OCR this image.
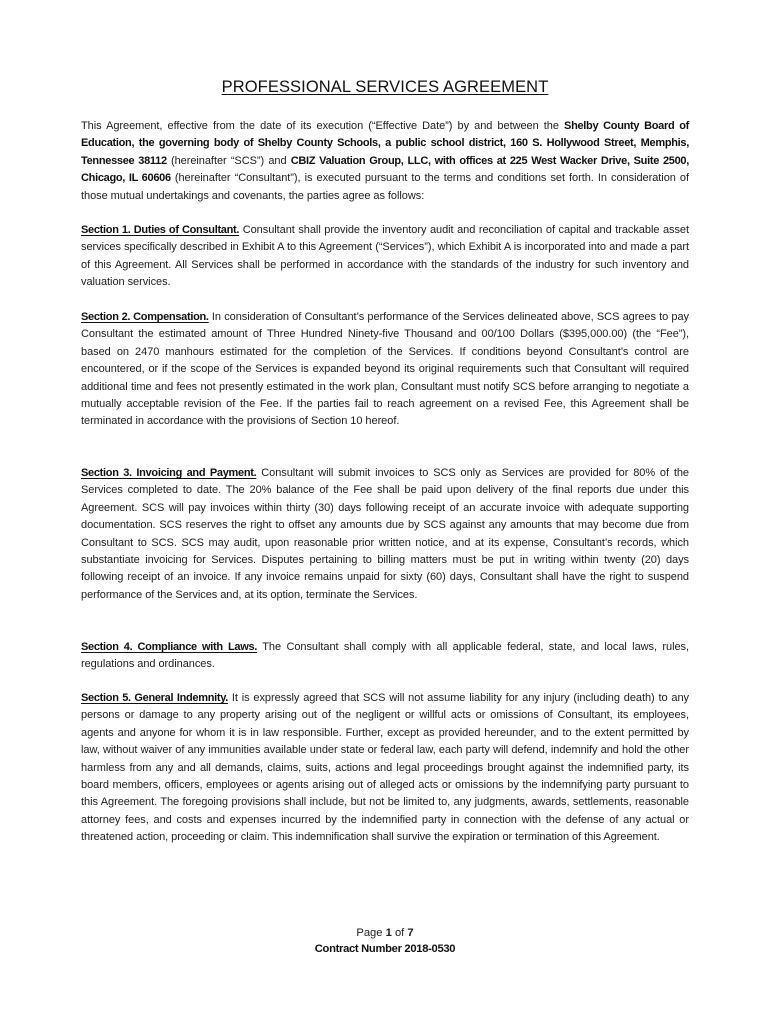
PROFESSIONAL SERVICES AGREEMENT
This Agreement, effective from the date of its execution (“Effective Date”) by and between the Shelby County Board of Education, the governing body of Shelby County Schools, a public school district, 160 S. Hollywood Street, Memphis, Tennessee 38112 (hereinafter “SCS”) and CBIZ Valuation Group, LLC, with offices at 225 West Wacker Drive, Suite 2500, Chicago, IL 60606 (hereinafter “Consultant”), is executed pursuant to the terms and conditions set forth. In consideration of those mutual undertakings and covenants, the parties agree as follows:
Section 1. Duties of Consultant. Consultant shall provide the inventory audit and reconciliation of capital and trackable asset services specifically described in Exhibit A to this Agreement (“Services”), which Exhibit A is incorporated into and made a part of this Agreement. All Services shall be performed in accordance with the standards of the industry for such inventory and valuation services.
Section 2. Compensation. In consideration of Consultant’s performance of the Services delineated above, SCS agrees to pay Consultant the estimated amount of Three Hundred Ninety-five Thousand and 00/100 Dollars ($395,000.00) (the “Fee”), based on 2470 manhours estimated for the completion of the Services. If conditions beyond Consultant’s control are encountered, or if the scope of the Services is expanded beyond its original requirements such that Consultant will required additional time and fees not presently estimated in the work plan, Consultant must notify SCS before arranging to negotiate a mutually acceptable revision of the Fee. If the parties fail to reach agreement on a revised Fee, this Agreement shall be terminated in accordance with the provisions of Section 10 hereof.
Section 3. Invoicing and Payment. Consultant will submit invoices to SCS only as Services are provided for 80% of the Services completed to date. The 20% balance of the Fee shall be paid upon delivery of the final reports due under this Agreement. SCS will pay invoices within thirty (30) days following receipt of an accurate invoice with adequate supporting documentation. SCS reserves the right to offset any amounts due by SCS against any amounts that may become due from Consultant to SCS. SCS may audit, upon reasonable prior written notice, and at its expense, Consultant’s records, which substantiate invoicing for Services. Disputes pertaining to billing matters must be put in writing within twenty (20) days following receipt of an invoice. If any invoice remains unpaid for sixty (60) days, Consultant shall have the right to suspend performance of the Services and, at its option, terminate the Services.
Section 4. Compliance with Laws. The Consultant shall comply with all applicable federal, state, and local laws, rules, regulations and ordinances.
Section 5. General Indemnity. It is expressly agreed that SCS will not assume liability for any injury (including death) to any persons or damage to any property arising out of the negligent or willful acts or omissions of Consultant, its employees, agents and anyone for whom it is in law responsible. Further, except as provided hereunder, and to the extent permitted by law, without waiver of any immunities available under state or federal law, each party will defend, indemnify and hold the other harmless from any and all demands, claims, suits, actions and legal proceedings brought against the indemnified party, its board members, officers, employees or agents arising out of alleged acts or omissions by the indemnifying party pursuant to this Agreement. The foregoing provisions shall include, but not be limited to, any judgments, awards, settlements, reasonable attorney fees, and costs and expenses incurred by the indemnified party in connection with the defense of any actual or threatened action, proceeding or claim. This indemnification shall survive the expiration or termination of this Agreement.
Page 1 of 7
Contract Number 2018-0530
